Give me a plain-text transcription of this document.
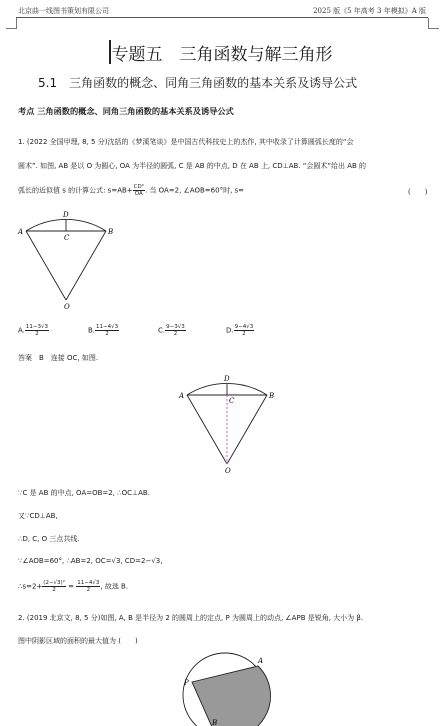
北京曲一线图书策划有限公司	2025 版《5 年高考 3 年模拟》A 版
专题五　三角函数与解三角形
5.1　三角函数的概念、同角三角函数的基本关系及诱导公式
考点 三角函数的概念、同角三角函数的基本关系及诱导公式
1. (2022 全国甲理, 8, 5 分)沈括的《梦溪笔谈》是中国古代科技史上的杰作, 其中收录了计算圆弧长度的“会
圆术”. 如图, AB 是以 O 为圆心, OA 为半径的圆弧, C 是 AB 的中点, D 在 AB 上, CD⊥AB. “会圆术”给出 AB 的
弧长的近似值 s 的计算公式: $s=AB+ \frac{\text{CD²}}{OA}$ . 当 OA=2, ∠AOB=60°时, s=	(　　)
D
C
A	B
O
A. $\frac{11-3√3}{2}$	B. $\frac{11-4√3}{2}$	C. $\frac{9-3√3}{2}$	D. $\frac{9-4√3}{2}$
答案　B　连接 OC, 如图.
D
C
A	B
O
∵C 是 AB 的中点, OA=OB=2, ∴OC⊥AB.
又∵CD⊥AB,
∴D, C, O 三点共线.
∵∠AOB=60°, ∴AB=2, OC=√3, CD=2−√3,
∴s=2+ $\frac{\text{(2−√3)²}}{2} = \frac{11-4√3}{2}$ , 故选 B.
2. (2019 北京文, 8, 5 分)如图, A, B 是半径为 2 的圆周上的定点, P 为圆周上的动点, ∠APB 是锐角, 大小为 β.
图中阴影区域的面积的最大值为 (　　)
P
A
B
